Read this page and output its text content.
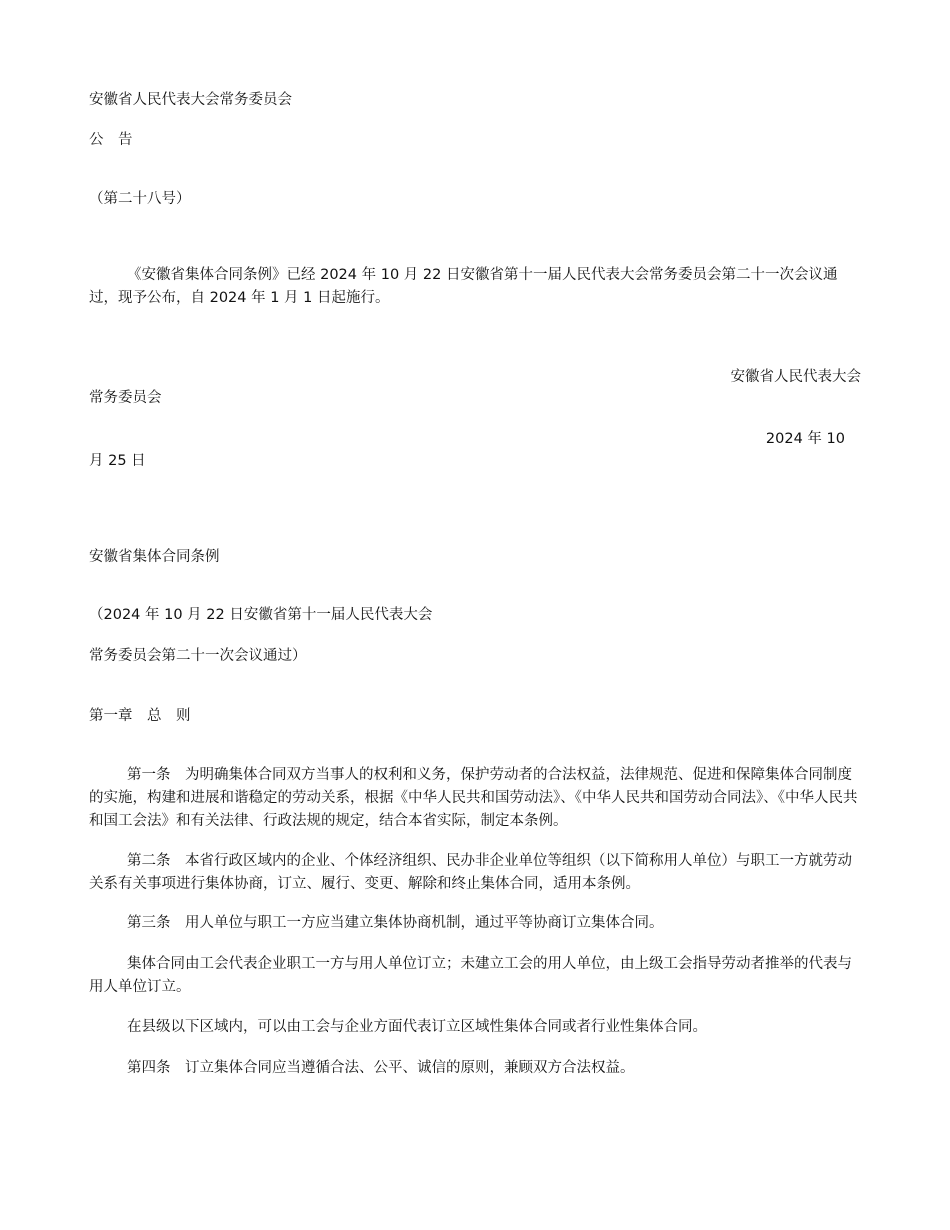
安徽省人民代表大会常务委员会
公　告
（第二十八号）
《安徽省集体合同条例》已经 2024 年 10 月 22 日安徽省第十一届人民代表大会常务委员会第二十一次会议通过，现予公布，自 2024 年 1 月 1 日起施行。
安徽省人民代表大会
常务委员会
2024 年 10
月 25 日
安徽省集体合同条例
（2024 年 10 月 22 日安徽省第十一届人民代表大会
常务委员会第二十一次会议通过）
第一章　总　则
第一条　为明确集体合同双方当事人的权利和义务，保护劳动者的合法权益，法律规范、促进和保障集体合同制度的实施，构建和进展和谐稳定的劳动关系，根据《中华人民共和国劳动法》、《中华人民共和国劳动合同法》、《中华人民共和国工会法》和有关法律、行政法规的规定，结合本省实际，制定本条例。
第二条　本省行政区域内的企业、个体经济组织、民办非企业单位等组织（以下简称用人单位）与职工一方就劳动关系有关事项进行集体协商，订立、履行、变更、解除和终止集体合同，适用本条例。
第三条　用人单位与职工一方应当建立集体协商机制，通过平等协商订立集体合同。
集体合同由工会代表企业职工一方与用人单位订立；未建立工会的用人单位，由上级工会指导劳动者推举的代表与用人单位订立。
在县级以下区域内，可以由工会与企业方面代表订立区域性集体合同或者行业性集体合同。
第四条　订立集体合同应当遵循合法、公平、诚信的原则，兼顾双方合法权益。
